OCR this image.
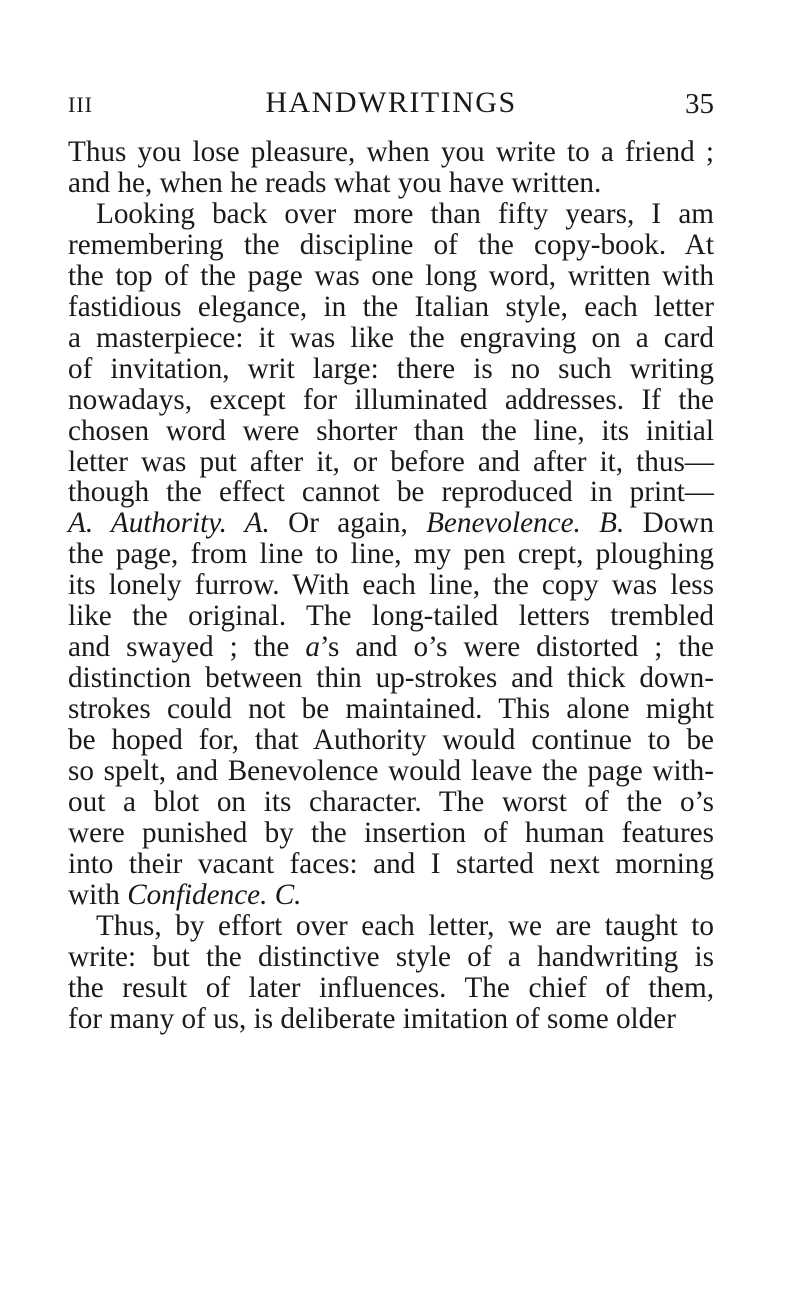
III	HANDWRITINGS	35
Thus you lose pleasure, when you write to a friend ;
and he, when he reads what you have written.
Looking back over more than fifty years, I am
remembering the discipline of the copy-book. At
the top of the page was one long word, written with
fastidious elegance, in the Italian style, each letter
a masterpiece: it was like the engraving on a card
of invitation, writ large: there is no such writing
nowadays, except for illuminated addresses. If the
chosen word were shorter than the line, its initial
letter was put after it, or before and after it, thus—
though the effect cannot be reproduced in print—
A. Authority. A. Or again, Benevolence. B. Down
the page, from line to line, my pen crept, ploughing
its lonely furrow. With each line, the copy was less
like the original. The long-tailed letters trembled
and swayed ; the a’s and o’s were distorted ; the
distinction between thin up-strokes and thick down-
strokes could not be maintained. This alone might
be hoped for, that Authority would continue to be
so spelt, and Benevolence would leave the page with-
out a blot on its character. The worst of the o’s
were punished by the insertion of human features
into their vacant faces: and I started next morning
with Confidence. C.
Thus, by effort over each letter, we are taught to
write: but the distinctive style of a handwriting is
the result of later influences. The chief of them,
for many of us, is deliberate imitation of some older
